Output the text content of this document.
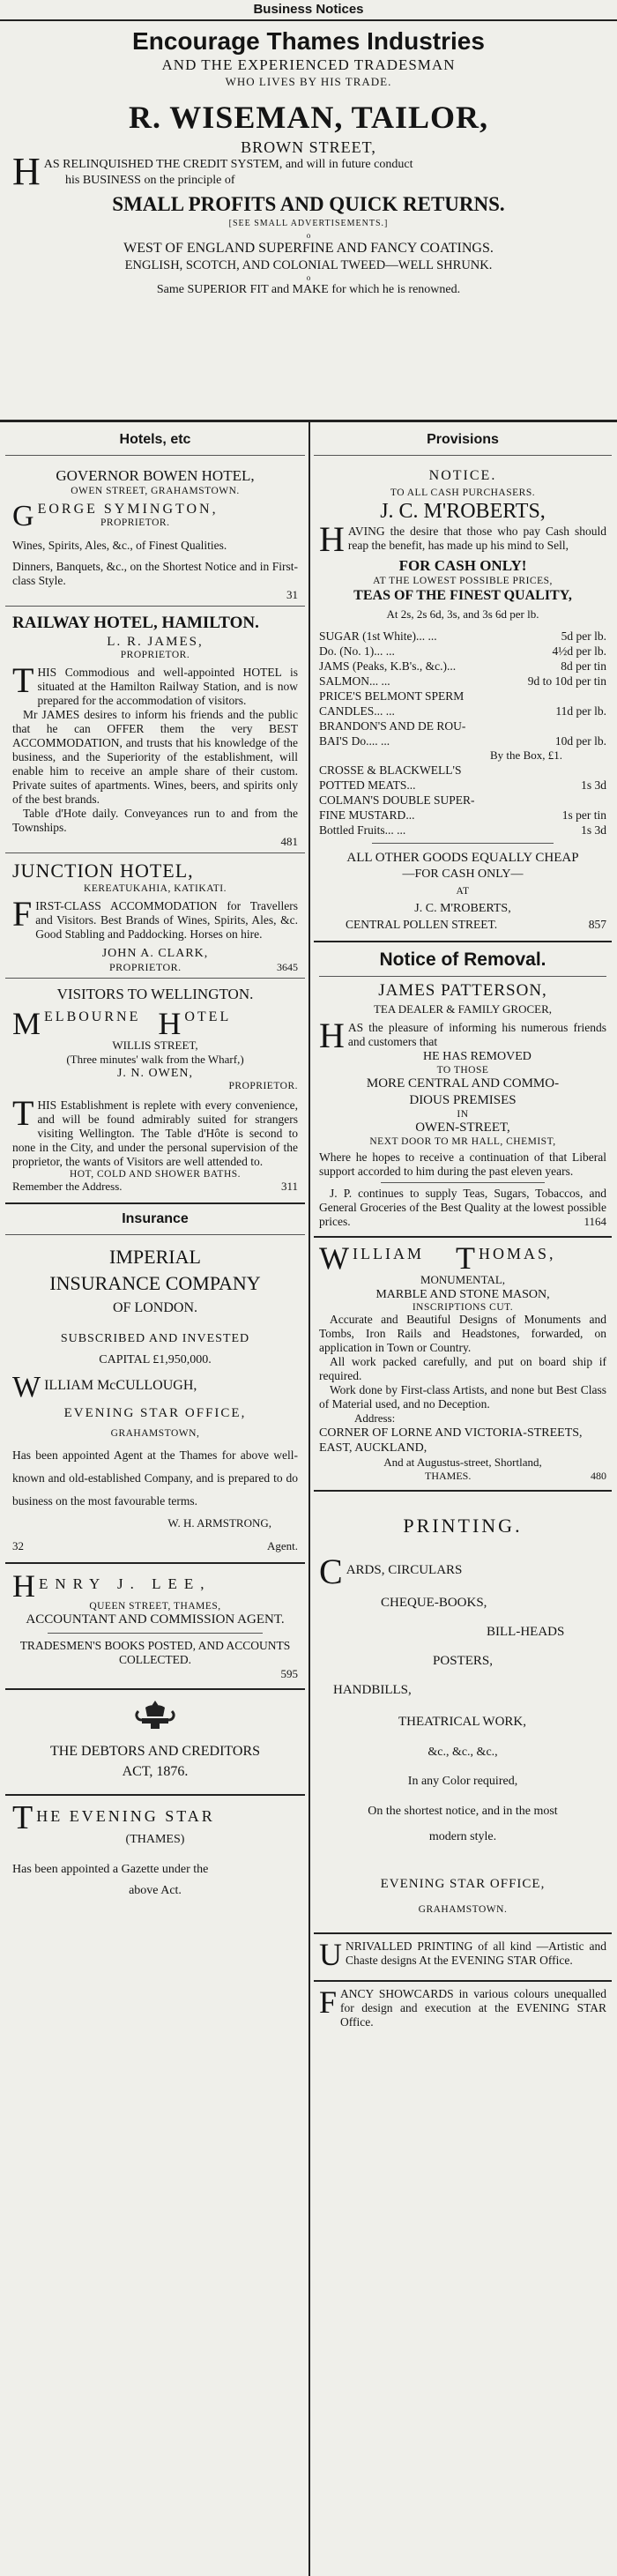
Business Notices
Encourage Thames Industries
AND THE EXPERIENCED TRADESMAN
WHO LIVES BY HIS TRADE.
R. WISEMAN, TAILOR,
BROWN STREET,
H AS RELINQUISHED THE CREDIT SYSTEM, and will in future conduct
his BUSINESS on the principle of
SMALL PROFITS AND QUICK RETURNS.
[SEE SMALL ADVERTISEMENTS.]
o
WEST OF ENGLAND SUPERFINE AND FANCY COATINGS.
ENGLISH, SCOTCH, AND COLONIAL TWEED—WELL SHRUNK.
o
Same SUPERIOR FIT and MAKE for which he is renowned.
Hotels, etc
GOVERNOR BOWEN HOTEL,
OWEN STREET, GRAHAMSTOWN.
G EORGE SYMINGTON,
PROPRIETOR.
Wines, Spirits, Ales, &c., of Finest Qualities.
Dinners, Banquets, &c., on the Shortest Notice and in First-class Style.
31
RAILWAY HOTEL, HAMILTON.
L. R. JAMES,
PROPRIETOR.
THIS Commodious and well-appointed HOTEL is situated at the Hamilton Railway Station, and is now prepared for the accommodation of visitors.
Mr JAMES desires to inform his friends and the public that he can OFFER them the very BEST ACCOMMODATION, and trusts that his knowledge of the business, and the Superiority of the establishment, will enable him to receive an ample share of their custom. Private suites of apartments. Wines, beers, and spirits only of the best brands.
Table d'Hote daily. Conveyances run to and from the Townships.
481
JUNCTION HOTEL,
KEREATUKAHIA, KATIKATI.
FIRST-CLASS ACCOMMODATION for Travellers and Visitors. Best Brands of Wines, Spirits, Ales, &c. Good Stabling and Paddocking. Horses on hire.
JOHN A. CLARK,
PROPRIETOR.	3645
VISITORS TO WELLINGTON.
M ELBOURNE H OTEL
WILLIS STREET,
(Three minutes' walk from the Wharf,)
J. N. OWEN,
PROPRIETOR.
THIS Establishment is replete with every convenience, and will be found admirably suited for strangers visiting Wellington. The Table d'Hôte is second to none in the City, and under the personal supervision of the proprietor, the wants of Visitors are well attended to.
HOT, COLD AND SHOWER BATHS.
Remember the Address.	311
Insurance
IMPERIAL
INSURANCE COMPANY
OF LONDON.
SUBSCRIBED AND INVESTED
CAPITAL £1,950,000.
W ILLIAM McCULLOUGH,
EVENING STAR OFFICE,
GRAHAMSTOWN,
Has been appointed Agent at the Thames for above well-known and old-established Company, and is prepared to do business on the most favourable terms.
W. H. ARMSTRONG,
32	Agent.
H ENRY J. LEE,
QUEEN STREET, THAMES,
ACCOUNTANT AND COMMISSION AGENT.
TRADESMEN'S BOOKS POSTED, AND ACCOUNTS COLLECTED.
595
THE DEBTORS AND CREDITORS
ACT, 1876.
T HE EVENING STAR
(THAMES)
Has been appointed a Gazette under the
above Act.
Provisions
NOTICE.
TO ALL CASH PURCHASERS.
J. C. M'ROBERTS,
HAVING the desire that those who pay Cash should reap the benefit, has made up his mind to Sell,
FOR CASH ONLY!
AT THE LOWEST POSSIBLE PRICES,
TEAS OF THE FINEST QUALITY,
At 2s, 2s 6d, 3s, and 3s 6d per lb.
SUGAR (1st White) ... ...	5d per lb.
Do. (No. 1) ... ...	4½d per lb.
JAMS (Peaks, K.B's., &c.) ...	8d per tin
SALMON ... ...	9d to 10d per tin
PRICE'S BELMONT SPERM
CANDLES ... ...	11d per lb.
BRANDON'S AND DE ROU-
BAI'S Do. ... ...	10d per lb.
By the Box, £1.
CROSSE & BLACKWELL'S
POTTED MEATS ...	1s 3d
COLMAN'S DOUBLE SUPER-
FINE MUSTARD ...	1s per tin
Bottled Fruits ... ...	1s 3d
ALL OTHER GOODS EQUALLY CHEAP
—FOR CASH ONLY—
AT
J. C. M'ROBERTS,
CENTRAL POLLEN STREET.	857
Notice of Removal.
JAMES PATTERSON,
TEA DEALER & FAMILY GROCER,
HAS the pleasure of informing his numerous friends and customers that
HE HAS REMOVED
TO THOSE
MORE CENTRAL AND COMMO-
DIOUS PREMISES
IN
OWEN-STREET,
NEXT DOOR TO MR HALL, CHEMIST,
Where he hopes to receive a continuation of that Liberal support accorded to him during the past eleven years.
J. P. continues to supply Teas, Sugars, Tobaccos, and General Groceries of the Best Quality at the lowest possible prices.	1164
W ILLIAM T HOMAS,
MONUMENTAL,
MARBLE AND STONE MASON,
INSCRIPTIONS CUT.
Accurate and Beautiful Designs of Monuments and Tombs, Iron Rails and Headstones, forwarded, on application in Town or Country.
All work packed carefully, and put on board ship if required.
Work done by First-class Artists, and none but Best Class of Material used, and no Deception.
Address:
CORNER OF LORNE AND VICTORIA-STREETS, EAST, AUCKLAND,
And at Augustus-street, Shortland,
THAMES.	480
PRINTING.
C ARDS, CIRCULARS
CHEQUE-BOOKS,
BILL-HEADS
POSTERS,
HANDBILLS,
THEATRICAL WORK,
&c., &c., &c.,
In any Color required,
On the shortest notice, and in the most
modern style.
EVENING STAR OFFICE,
GRAHAMSTOWN.
UNRIVALLED PRINTING of all kind —Artistic and Chaste designs At the EVENING STAR Office.
FANCY SHOWCARDS in various colours unequalled for design and execution at the EVENING STAR Office.
